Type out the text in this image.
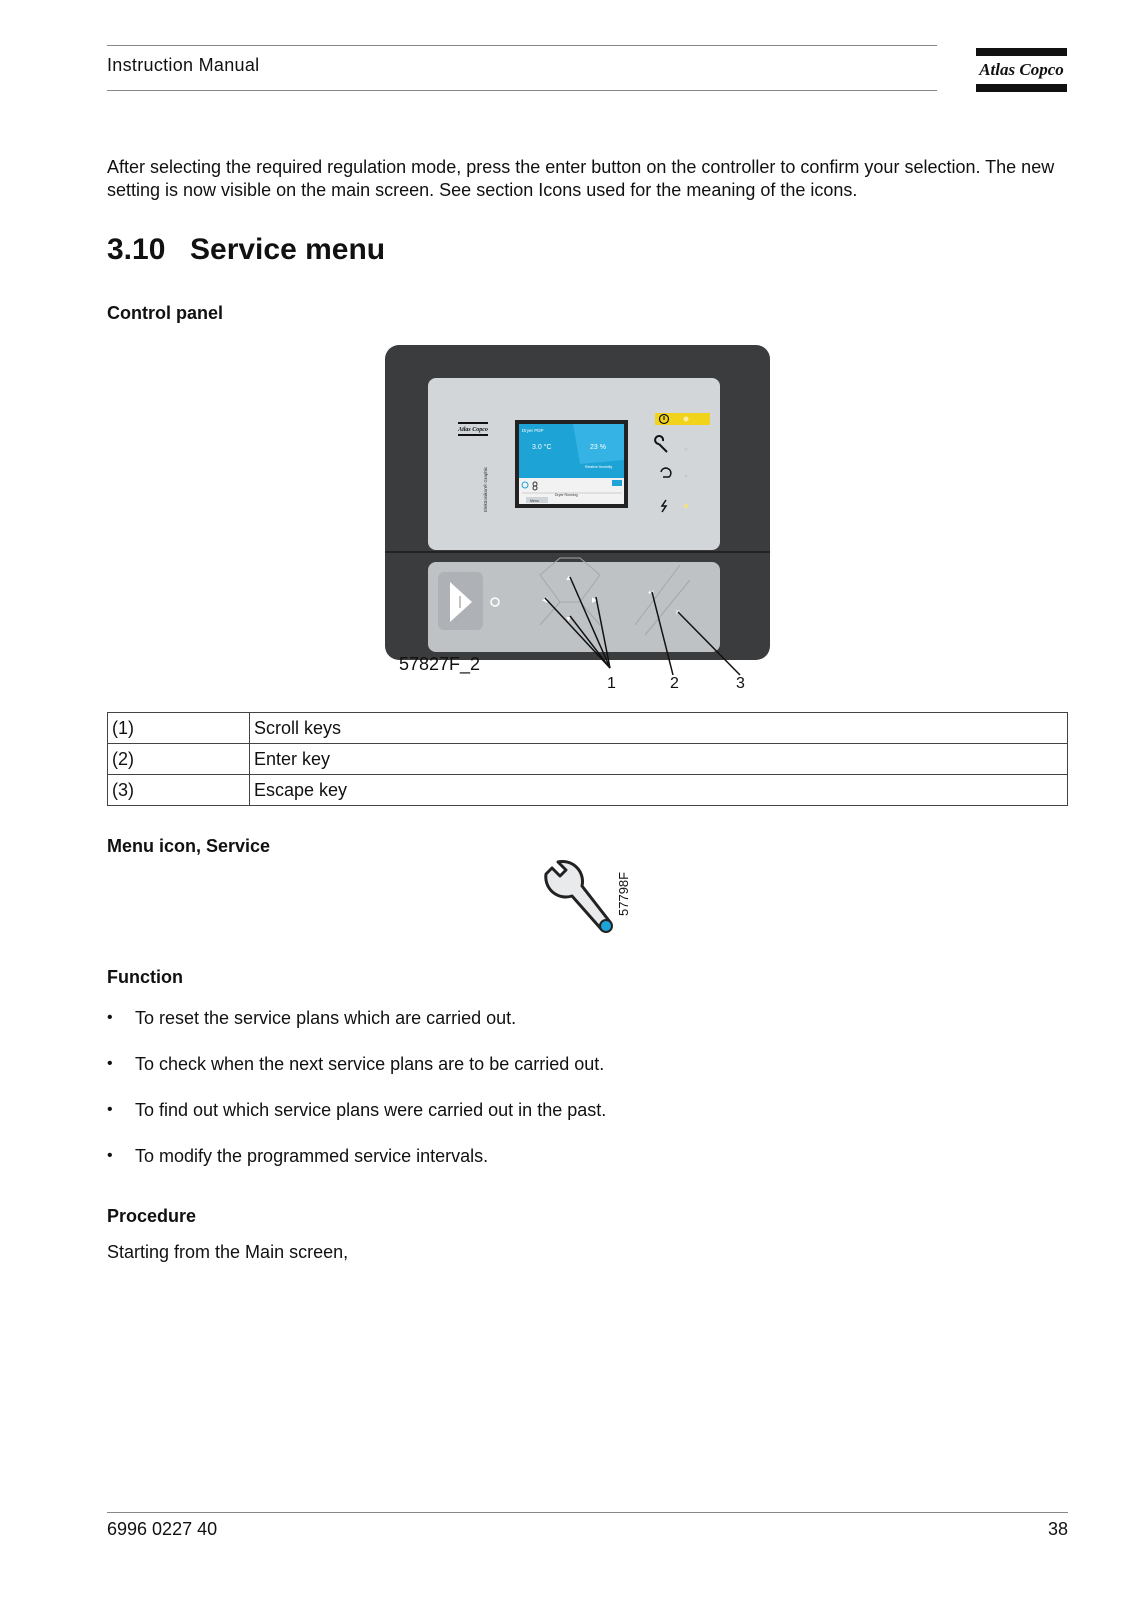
Instruction Manual	Atlas Copco
After selecting the required regulation mode, press the enter button on the controller to confirm your selection. The new setting is now visible on the main screen. See section Icons used for the meaning of the icons.
3.10 Service menu
Control panel
Atlas Copco
Elektronikon® Graphic
Dryer PDP
3.0 °C	23 %
Relative Humidity
Dryer Running
Menu
◀
▲
▼
▶
↵
×
57827F_2
1	2	3
(1)	Scroll keys
(2)	Enter key
(3)	Escape key
Menu icon, Service
57798F
Function
• To reset the service plans which are carried out.
• To check when the next service plans are to be carried out.
• To find out which service plans were carried out in the past.
• To modify the programmed service intervals.
Procedure
Starting from the Main screen,
6996 0227 40	38
